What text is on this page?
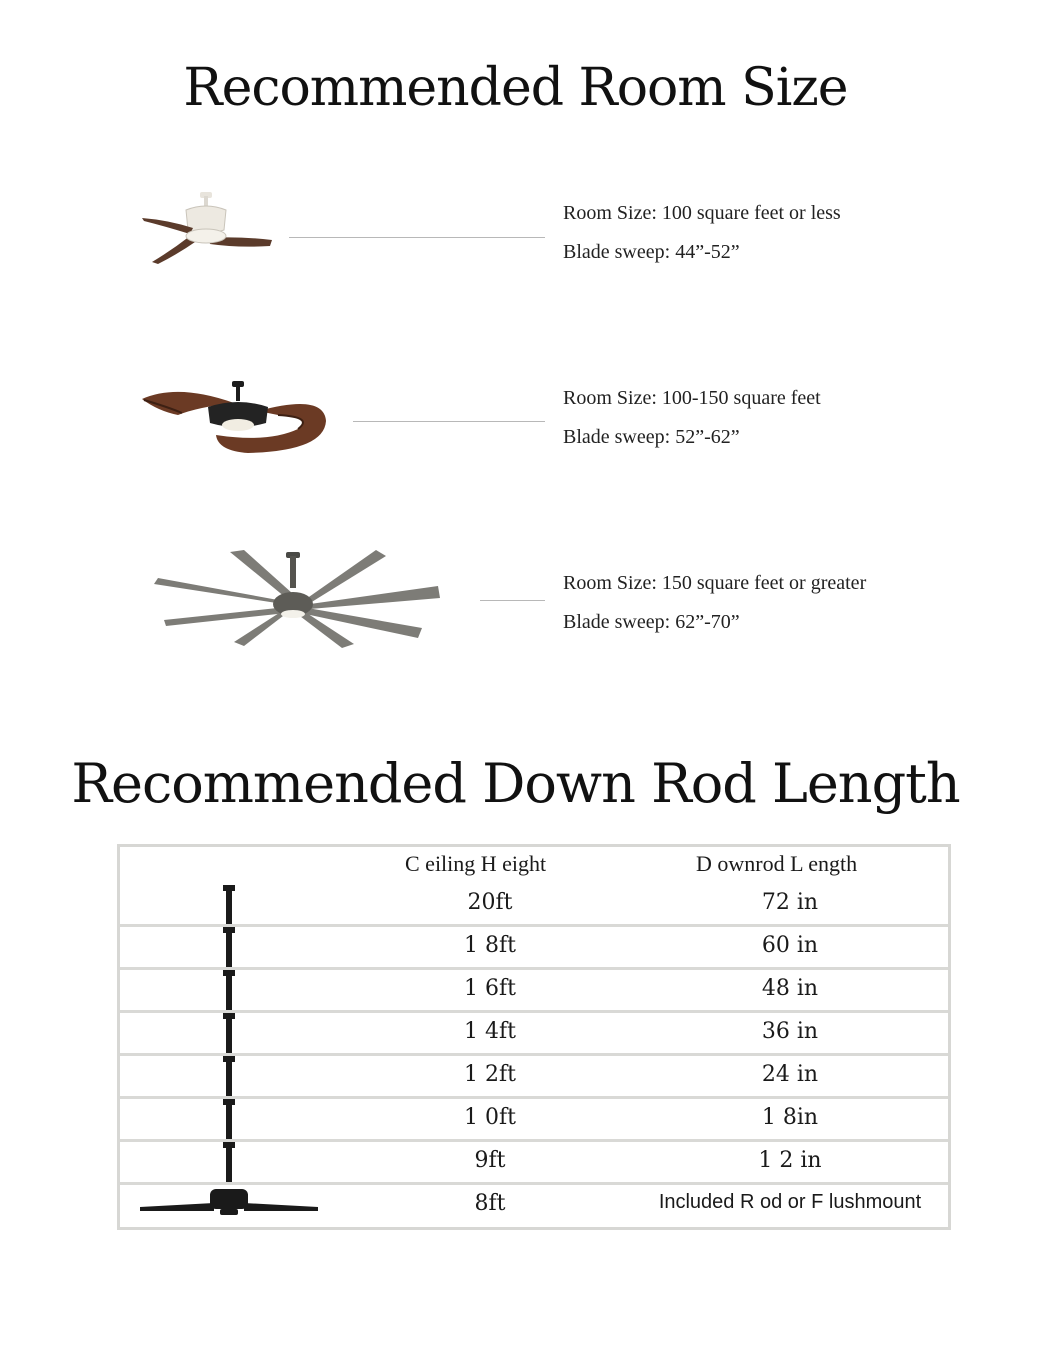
Recommended Room Size
Room Size: 100 square feet or less
Blade sweep: 44”-52”
Room Size: 100-150 square feet
Blade sweep: 52”-62”
Room Size: 150 square feet or greater
Blade sweep: 62”-70”
Recommended Down Rod Length
C eiling H eight	D ownrod L ength
20ft	72 in
1 8ft	60 in
1 6ft	48 in
1 4ft	36 in
1 2ft	24 in
1 0ft	1 8in
9ft	1 2 in
8ft	Included R od or F lushmount
